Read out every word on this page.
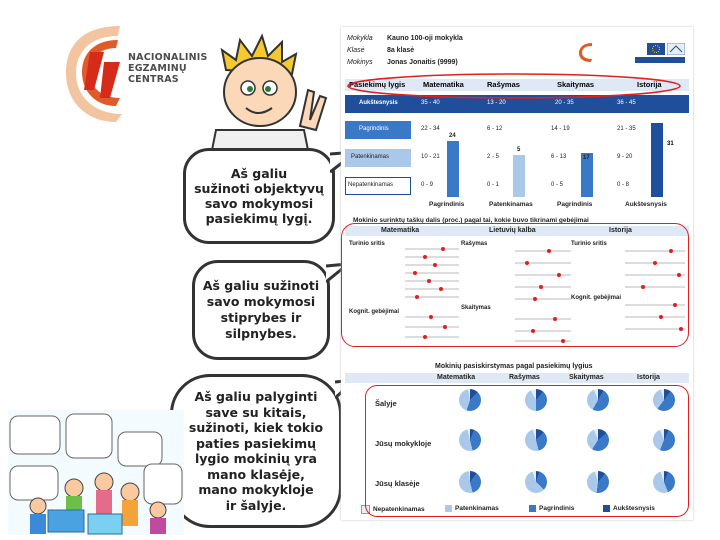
NACIONALINIS
EGZAMINŲ
CENTRAS
Aš galiu
sužinoti objektyvų
savo mokymosi
pasiekimų lygį.
Aš galiu sužinoti
savo mokymosi
stiprybes ir
silpnybes.
Aš galiu palyginti
save su kitais,
sužinoti, kiek tokio
paties pasiekimų
lygio mokinių yra
mano klasėje,
mano mokykloje
ir šalyje.
Mokykla Kauno 100-oji mokykla
Klasė	8a klasė
Mokinys Jonas Jonaitis (9999)
Pasiekimų lygis Matematika	Rašymas	Skaitymas	Istorija
Aukštesnysis	35 - 40	13 - 20	20 - 35	36 - 45
Pagrindinis	22 - 34	6 - 12	14 - 19	21 - 35
Patenkinamas	10 - 21	2 - 5	6 - 13	9 - 20
Nepatenkinamas	0 - 9	0 - 1	0 - 5	0 - 8
24
5
17
31
Pagrindinis	Patenkinamas	Pagrindinis	Aukštesnysis
Mokinio surinktų taškų dalis (proc.) pagal tai, kokie buvo tikrinami gebėjimai
Matematika	Lietuvių kalba	Istorija
Turinio sritis
Kognit. gebėjimai
Rašymas
Skaitymas
Turinio sritis
Kognit. gebėjimai
Mokinių pasiskirstymas pagal pasiekimų lygius
Matematika	Rašymas	Skaitymas	Istorija
Šalyje
Jūsų mokykloje
Jūsų klasėje
Nepatenkinamas	Patenkinamas	Pagrindinis	Aukštesnysis
